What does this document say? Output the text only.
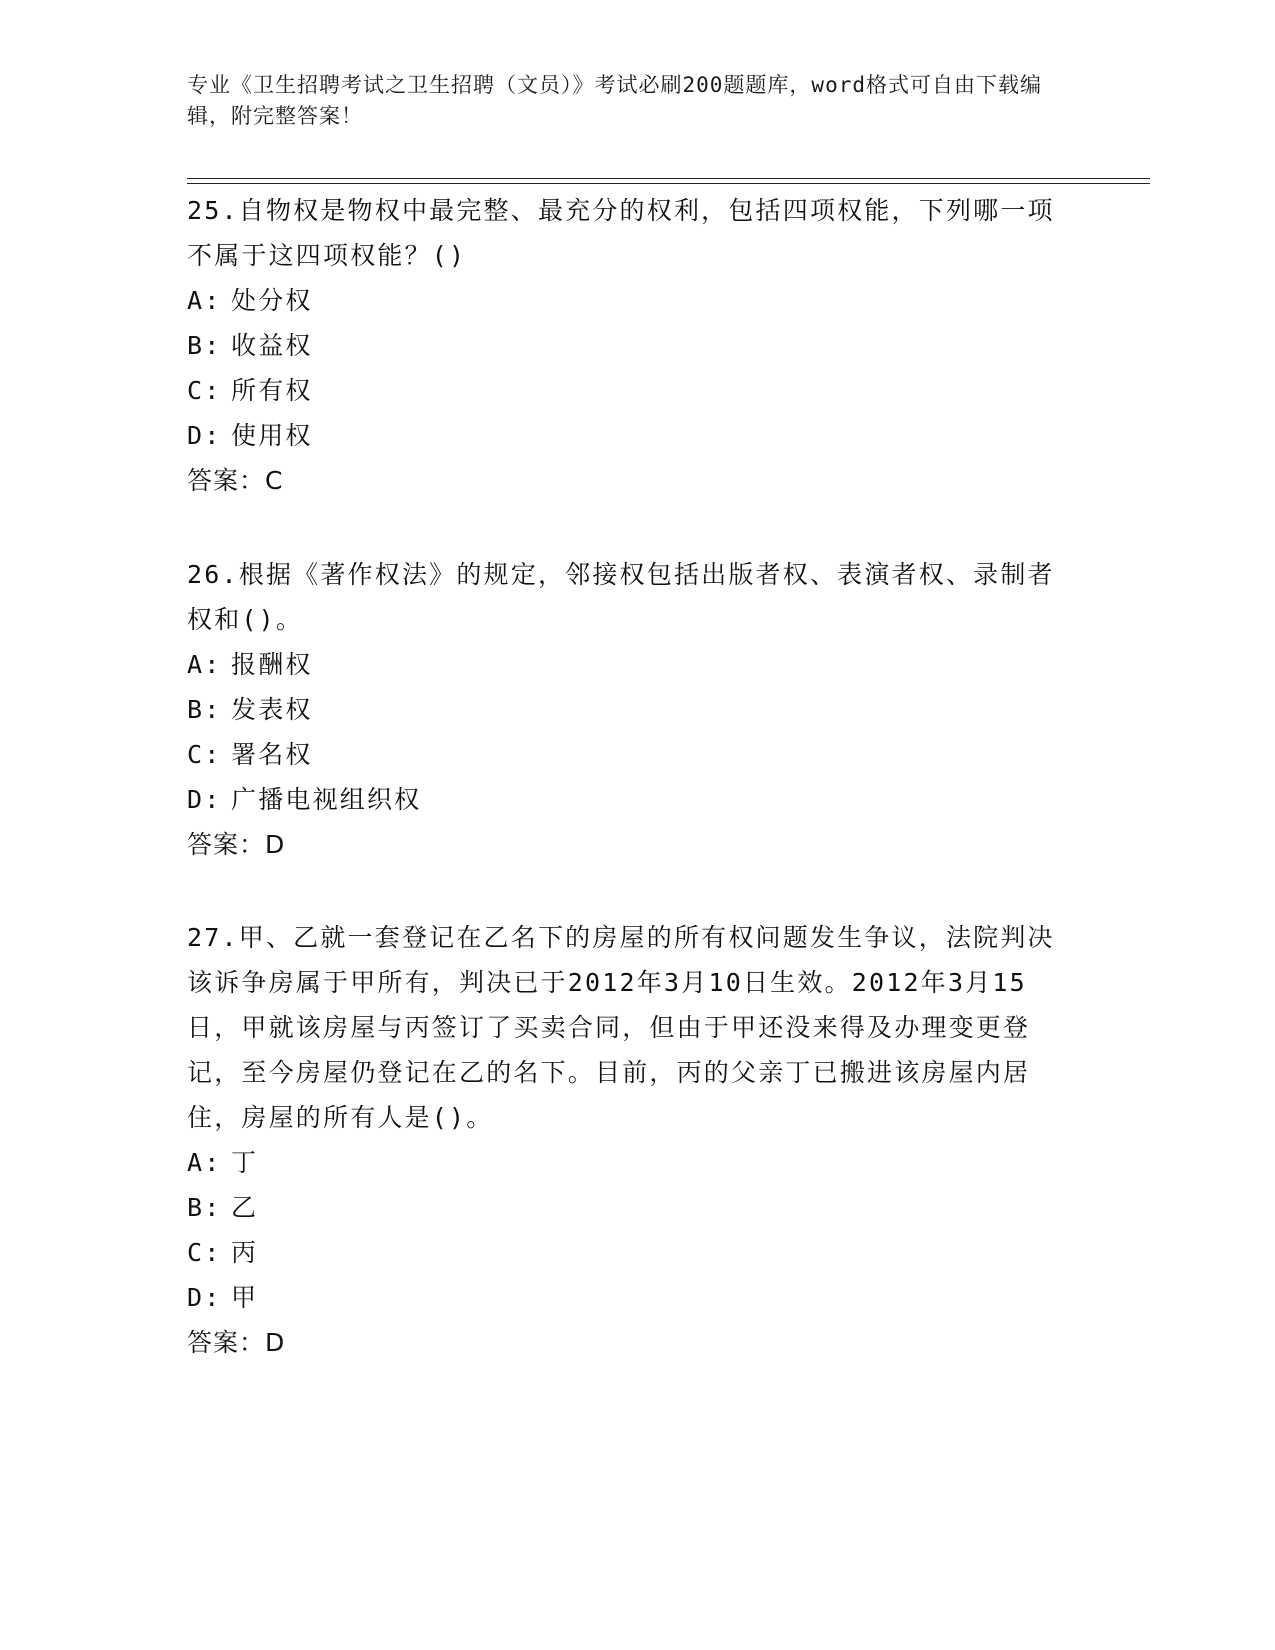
专业《卫生招聘考试之卫生招聘（文员）》考试必刷200题题库，word格式可自由下载编辑，附完整答案！

25.自物权是物权中最完整、最充分的权利，包括四项权能，下列哪一项不属于这四项权能？()

A: 处分权

B: 收益权

C: 所有权

D: 使用权

答案：C

26.根据《著作权法》的规定，邻接权包括出版者权、表演者权、录制者权和()。

A: 报酬权

B: 发表权

C: 署名权

D: 广播电视组织权

答案：D

27.甲、乙就一套登记在乙名下的房屋的所有权问题发生争议，法院判决该诉争房属于甲所有，判决已于2012年3月10日生效。2012年3月15日，甲就该房屋与丙签订了买卖合同，但由于甲还没来得及办理变更登记，至今房屋仍登记在乙的名下。目前，丙的父亲丁已搬进该房屋内居住，房屋的所有人是()。

A: 丁

B: 乙

C: 丙

D: 甲

答案：D
